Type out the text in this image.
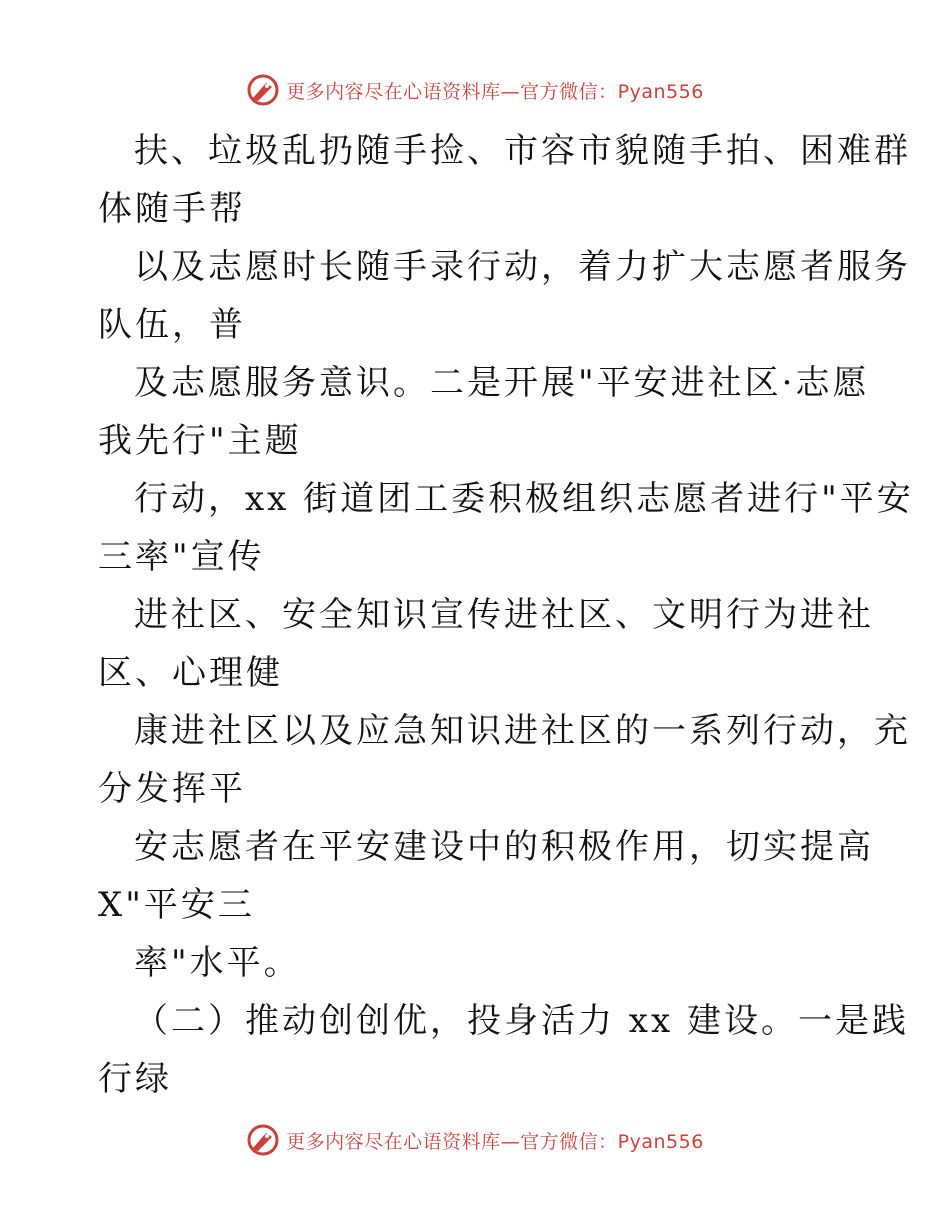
更多内容尽在心语资料库—官方微信：Pyan556
扶、垃圾乱扔随手捡、市容市貌随手拍、困难群
体随手帮
以及志愿时长随手录行动，着力扩大志愿者服务
队伍，普
及志愿服务意识。二是开展"平安进社区·志愿
我先行"主题
行动，xx 街道团工委积极组织志愿者进行"平安
三率"宣传
进社区、安全知识宣传进社区、文明行为进社
区、心理健
康进社区以及应急知识进社区的一系列行动，充
分发挥平
安志愿者在平安建设中的积极作用，切实提高
X"平安三
率"水平。
（二）推动创创优，投身活力 xx 建设。一是践
行绿
更多内容尽在心语资料库—官方微信：Pyan556
